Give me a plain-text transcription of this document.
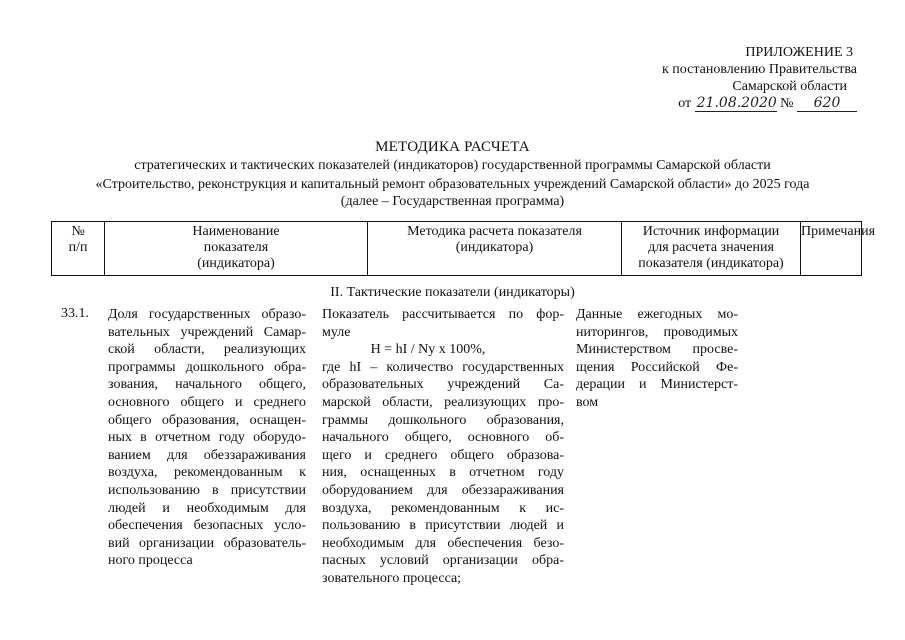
ПРИЛОЖЕНИЕ 3
к постановлению Правительства
Самарской области
от 21.08.2020 № 620
МЕТОДИКА РАСЧЕТА
стратегических и тактических показателей (индикаторов) государственной программы Самарской области
«Строительство, реконструкция и капитальный ремонт образовательных учреждений Самарской области» до 2025 года
(далее – Государственная программа)
№
п/п
Наименование
показателя
(индикатора)
Методика расчета показателя
(индикатора)
Источник информации
для расчета значения
показателя (индикатора)
Примечания
II. Тактические показатели (индикаторы)
33.1. Доля государственных образо-
вательных учреждений Самар-
ской области, реализующих
программы дошкольного обра-
зования, начального общего,
основного общего и среднего
общего образования, оснащен-
ных в отчетном году оборудо-
ванием для обеззараживания
воздуха, рекомендованным к
использованию в присутствии
людей и необходимым для
обеспечения безопасных усло-
вий организации образователь-
ного процесса
Показатель рассчитывается по фор-
муле
Н = hI / Ny x 100%,
где hI – количество государственных
образовательных учреждений Са-
марской области, реализующих про-
граммы дошкольного образования,
начального общего, основного об-
щего и среднего общего образова-
ния, оснащенных в отчетном году
оборудованием для обеззараживания
воздуха, рекомендованным к ис-
пользованию в присутствии людей и
необходимым для обеспечения безо-
пасных условий организации обра-
зовательного процесса;
Данные ежегодных мо-
ниторингов, проводимых
Министерством просве-
щения Российской Фе-
дерации и Министерст-
вом
